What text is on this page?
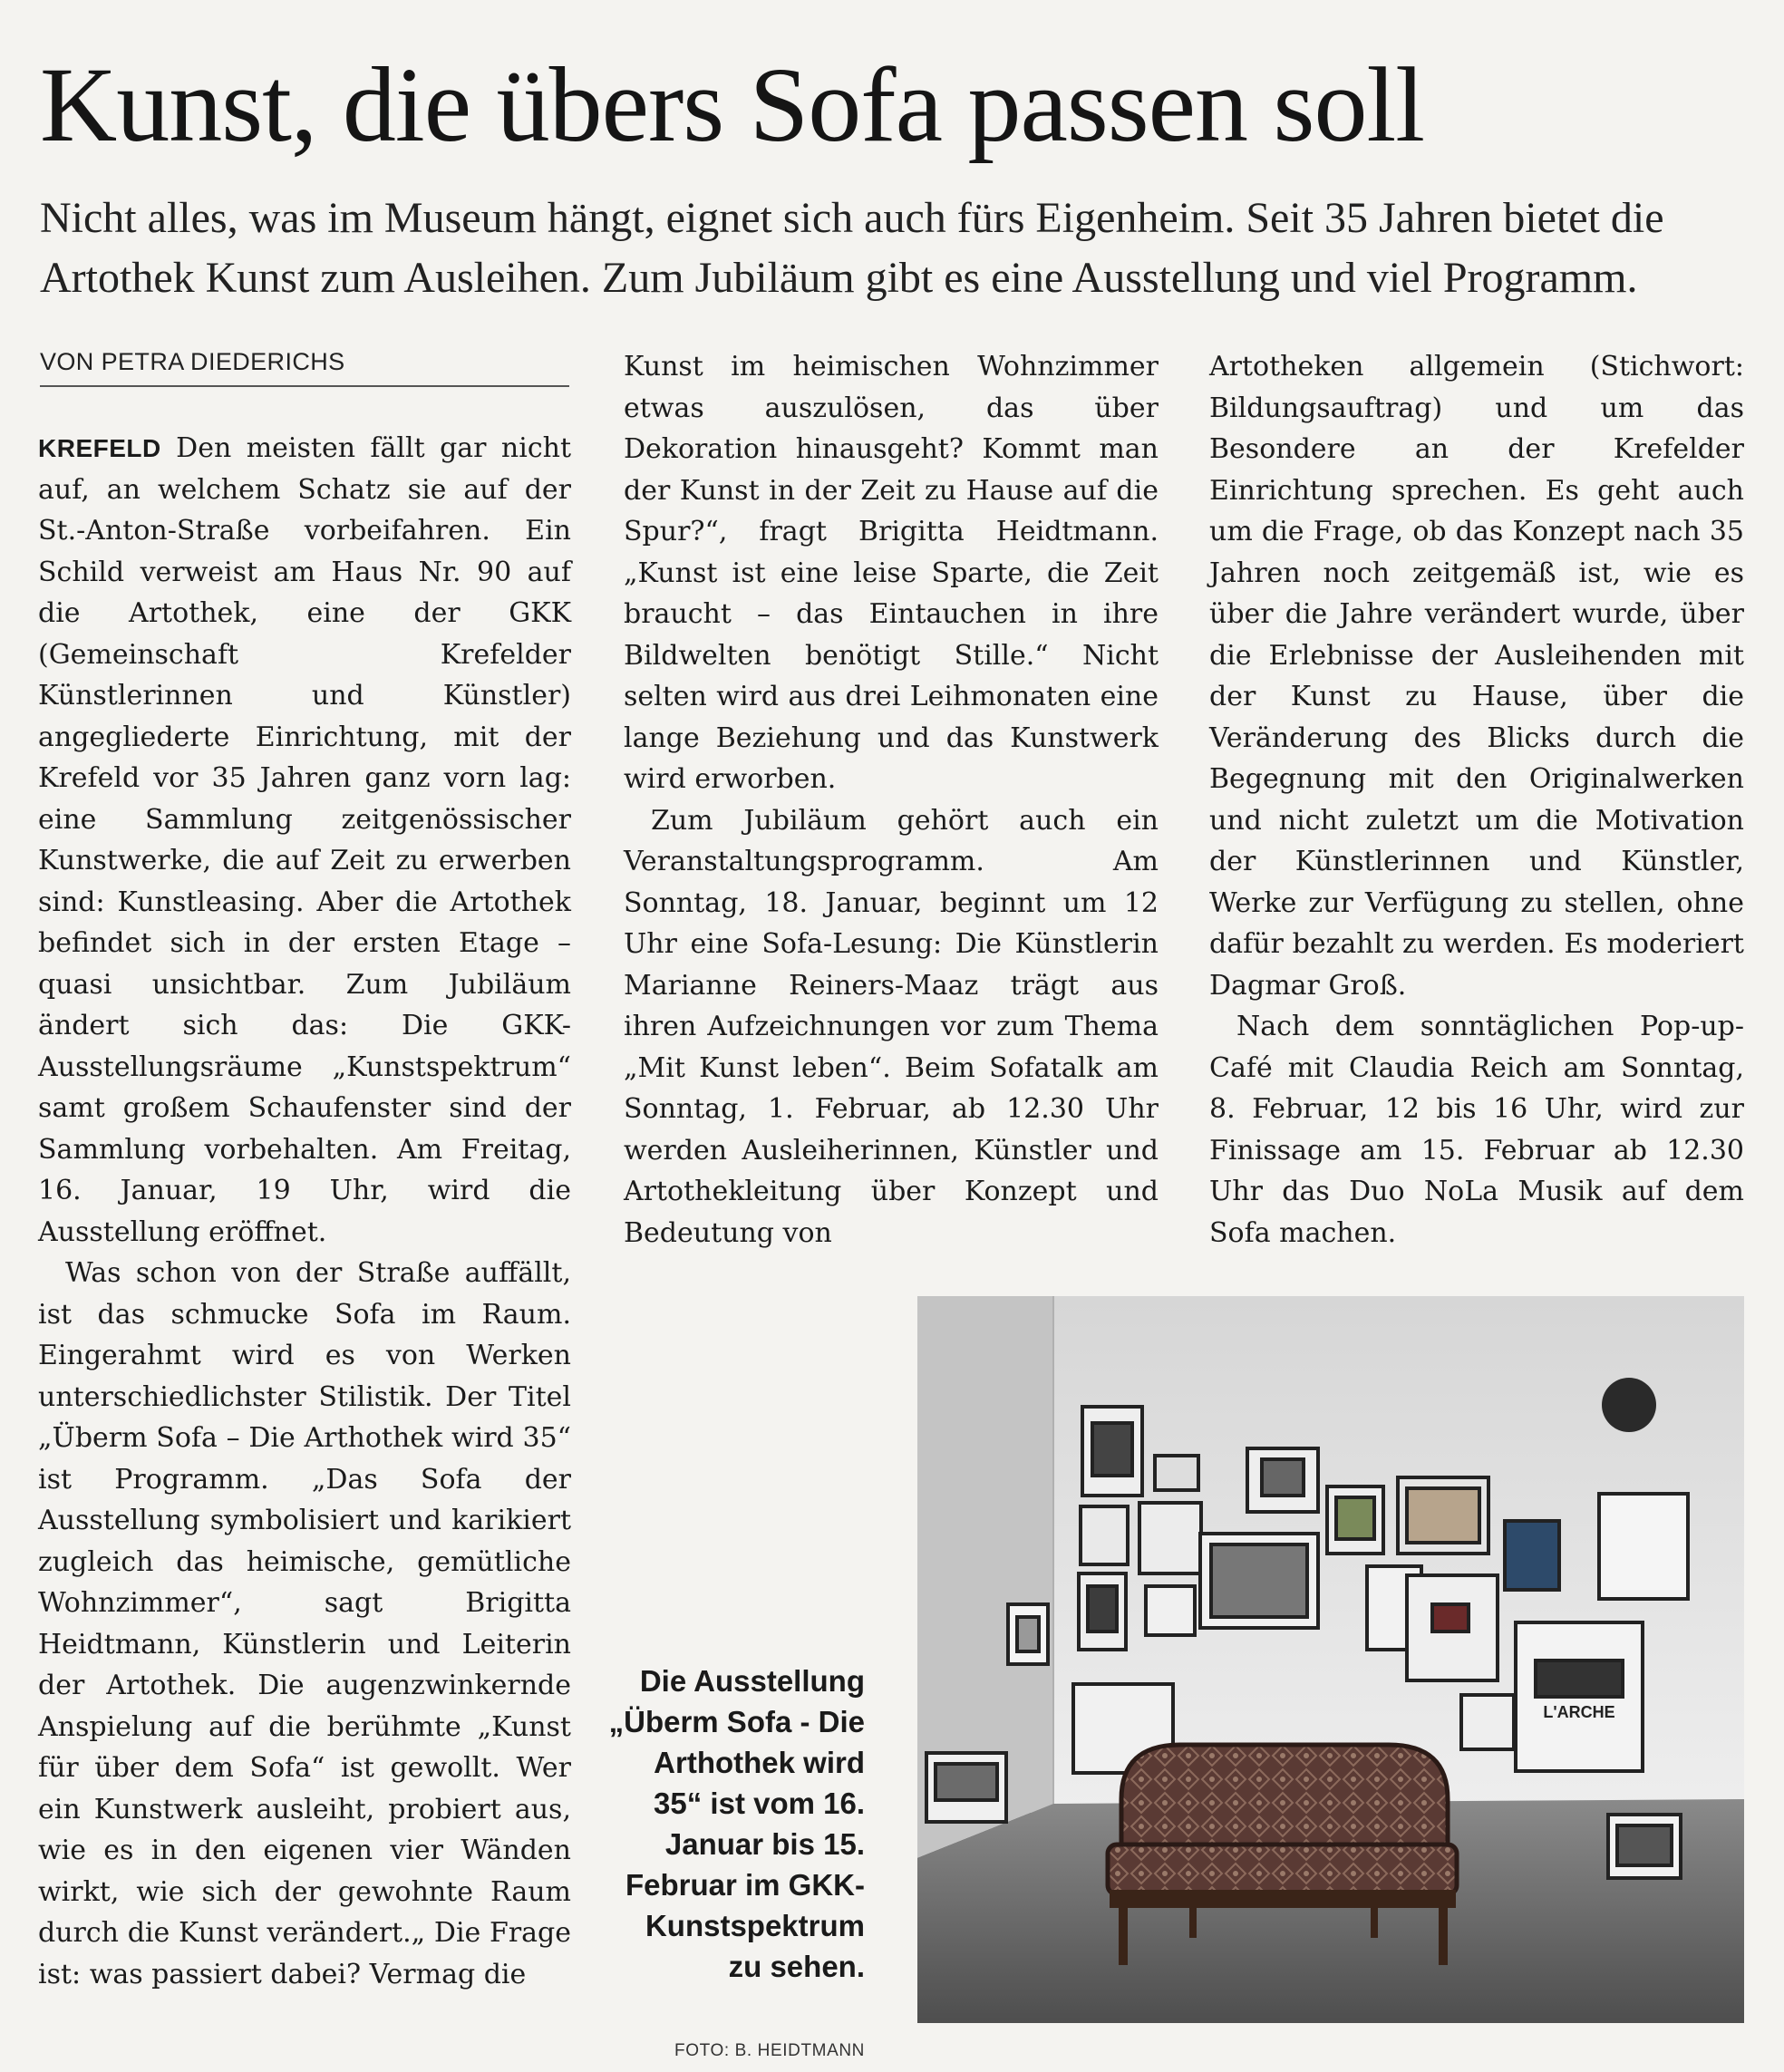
Kunst, die übers Sofa passen soll

Nicht alles, was im Museum hängt, eignet sich auch fürs Eigenheim. Seit 35 Jahren bietet die Artothek Kunst zum Ausleihen. Zum Jubiläum gibt es eine Ausstellung und viel Programm.

VON PETRA DIEDERICHS

KREFELD Den meisten fällt gar nicht auf, an welchem Schatz sie auf der St.-Anton-Straße vorbeifahren. Ein Schild verweist am Haus Nr. 90 auf die Artothek, eine der GKK (Gemeinschaft Krefelder Künstlerinnen und Künstler) angegliederte Einrichtung, mit der Krefeld vor 35 Jahren ganz vorn lag: eine Sammlung zeitgenössischer Kunstwerke, die auf Zeit zu erwerben sind: Kunstleasing. Aber die Artothek befindet sich in der ersten Etage – quasi unsichtbar. Zum Jubiläum ändert sich das: Die GKK-Ausstellungsräume „Kunstspektrum“ samt großem Schaufenster sind der Sammlung vorbehalten. Am Freitag, 16. Januar, 19 Uhr, wird die Ausstellung eröffnet.

Was schon von der Straße auffällt, ist das schmucke Sofa im Raum. Eingerahmt wird es von Werken unterschiedlichster Stilistik. Der Titel „Überm Sofa – Die Arthothek wird 35“ ist Programm. „Das Sofa der Ausstellung symbolisiert und karikiert zugleich das heimische, gemütliche Wohnzimmer“, sagt Brigitta Heidtmann, Künstlerin und Leiterin der Artothek. Die augenzwinkernde Anspielung auf die berühmte „Kunst für über dem Sofa“ ist gewollt. Wer ein Kunstwerk ausleiht, probiert aus, wie es in den eigenen vier Wänden wirkt, wie sich der gewohnte Raum durch die Kunst verändert.„ Die Frage ist: was passiert dabei? Vermag die

Kunst im heimischen Wohnzimmer etwas auszulösen, das über Dekoration hinausgeht? Kommt man der Kunst in der Zeit zu Hause auf die Spur?“, fragt Brigitta Heidtmann. „Kunst ist eine leise Sparte, die Zeit braucht – das Eintauchen in ihre Bildwelten benötigt Stille.“ Nicht selten wird aus drei Leihmonaten eine lange Beziehung und das Kunstwerk wird erworben.

Zum Jubiläum gehört auch ein Veranstaltungsprogramm. Am Sonntag, 18. Januar, beginnt um 12 Uhr eine Sofa-Lesung: Die Künstlerin Marianne Reiners-Maaz trägt aus ihren Aufzeichnungen vor zum Thema „Mit Kunst leben“. Beim Sofatalk am Sonntag, 1. Februar, ab 12.30 Uhr werden Ausleiherinnen, Künstler und Artothekleitung über Konzept und Bedeutung von

Artotheken allgemein (Stichwort: Bildungsauftrag) und um das Besondere an der Krefelder Einrichtung sprechen. Es geht auch um die Frage, ob das Konzept nach 35 Jahren noch zeitgemäß ist, wie es über die Jahre verändert wurde, über die Erlebnisse der Ausleihenden mit der Kunst zu Hause, über die Veränderung des Blicks durch die Begegnung mit den Originalwerken und nicht zuletzt um die Motivation der Künstlerinnen und Künstler, Werke zur Verfügung zu stellen, ohne dafür bezahlt zu werden. Es moderiert Dagmar Groß.

Nach dem sonntäglichen Pop-up-Café mit Claudia Reich am Sonntag, 8. Februar, 12 bis 16 Uhr, wird zur Finissage am 15. Februar ab 12.30 Uhr das Duo NoLa Musik auf dem Sofa machen.

Die Ausstellung „Überm Sofa - Die Arthothek wird 35“ ist vom 16. Januar bis 15. Februar im GKK-Kunstspektrum zu sehen.
FOTO: B. HEIDTMANN
L'ARCHE
